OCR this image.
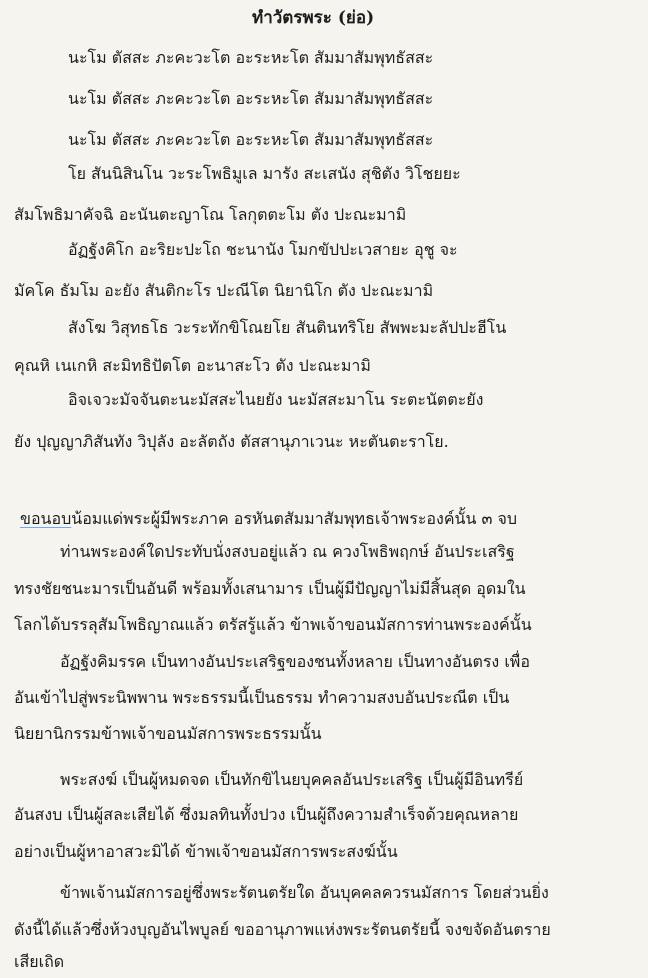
ทำวัตรพระ (ย่อ)
นะโม ตัสสะ ภะคะวะโต อะระหะโต สัมมาสัมพุทธัสสะ
นะโม ตัสสะ ภะคะวะโต อะระหะโต สัมมาสัมพุทธัสสะ
นะโม ตัสสะ ภะคะวะโต อะระหะโต สัมมาสัมพุทธัสสะ
โย สันนิสินโน วะระโพธิมูเล มารัง สะเสนัง สุชิตัง วิโชยยะ
สัมโพธิมาคัจฉิ อะนันตะญาโณ โลกุตตะโม ตัง ปะณะมามิ
อัฏฐังคิโก อะริยะปะโถ ชะนานัง โมกขัปปะเวสายะ อุชู จะ
มัคโค ธัมโม อะยัง สันติกะโร ปะณีโต นิยานิโก ตัง ปะณะมามิ
สังโฆ วิสุทธโธ วะระทักขิโณยโย สันตินทริโย สัพพะมะลัปปะฮีโน
คุณหิ เนเกหิ สะมิทธิปัตโต อะนาสะโว ตัง ปะณะมามิ
อิจเจวะมัจจันตะนะมัสสะไนยยัง นะมัสสะมาโน ระตะนัตตะยัง
ยัง ปุญญาภิสันทัง วิปุลัง อะลัตถัง ตัสสานุภาเวนะ หะตันตะราโย.
ขอนอบน้อมแด่พระผู้มีพระภาค อรหันตสัมมาสัมพุทธเจ้าพระองค์นั้น ๓ จบ
ท่านพระองค์ใดประทับนั่งสงบอยู่แล้ว ณ ควงโพธิพฤกษ์ อันประเสริฐ
ทรงชัยชนะมารเป็นอันดี พร้อมทั้งเสนามาร เป็นผู้มีปัญญาไม่มีสิ้นสุด อุดมใน
โลกได้บรรลุสัมโพธิญาณแล้ว ตรัสรู้แล้ว ข้าพเจ้าขอนมัสการท่านพระองค์นั้น
อัฏฐังคิมรรค เป็นทางอันประเสริฐของชนทั้งหลาย เป็นทางอันตรง เพื่อ
อันเข้าไปสู่พระนิพพาน พระธรรมนี้เป็นธรรม ทำความสงบอันประณีต เป็น
นิยยานิกรรมข้าพเจ้าขอนมัสการพระธรรมนั้น
พระสงฆ์ เป็นผู้หมดจด เป็นทักขิไนยบุคคลอันประเสริฐ เป็นผู้มีอินทรีย์
อันสงบ เป็นผู้สละเสียได้ ซึ่งมลทินทั้งปวง เป็นผู้ถึงความสำเร็จด้วยคุณหลาย
อย่างเป็นผู้หาอาสวะมิได้ ข้าพเจ้าขอนมัสการพระสงฆ์นั้น
ข้าพเจ้านมัสการอยู่ซึ่งพระรัตนตรัยใด อันบุคคลควรนมัสการ โดยส่วนยิ่ง
ดังนี้ได้แล้วซึ่งห้วงบุญอันไพบูลย์ ขออานุภาพแห่งพระรัตนตรัยนี้ จงขจัดอันตราย
เสียเถิด
